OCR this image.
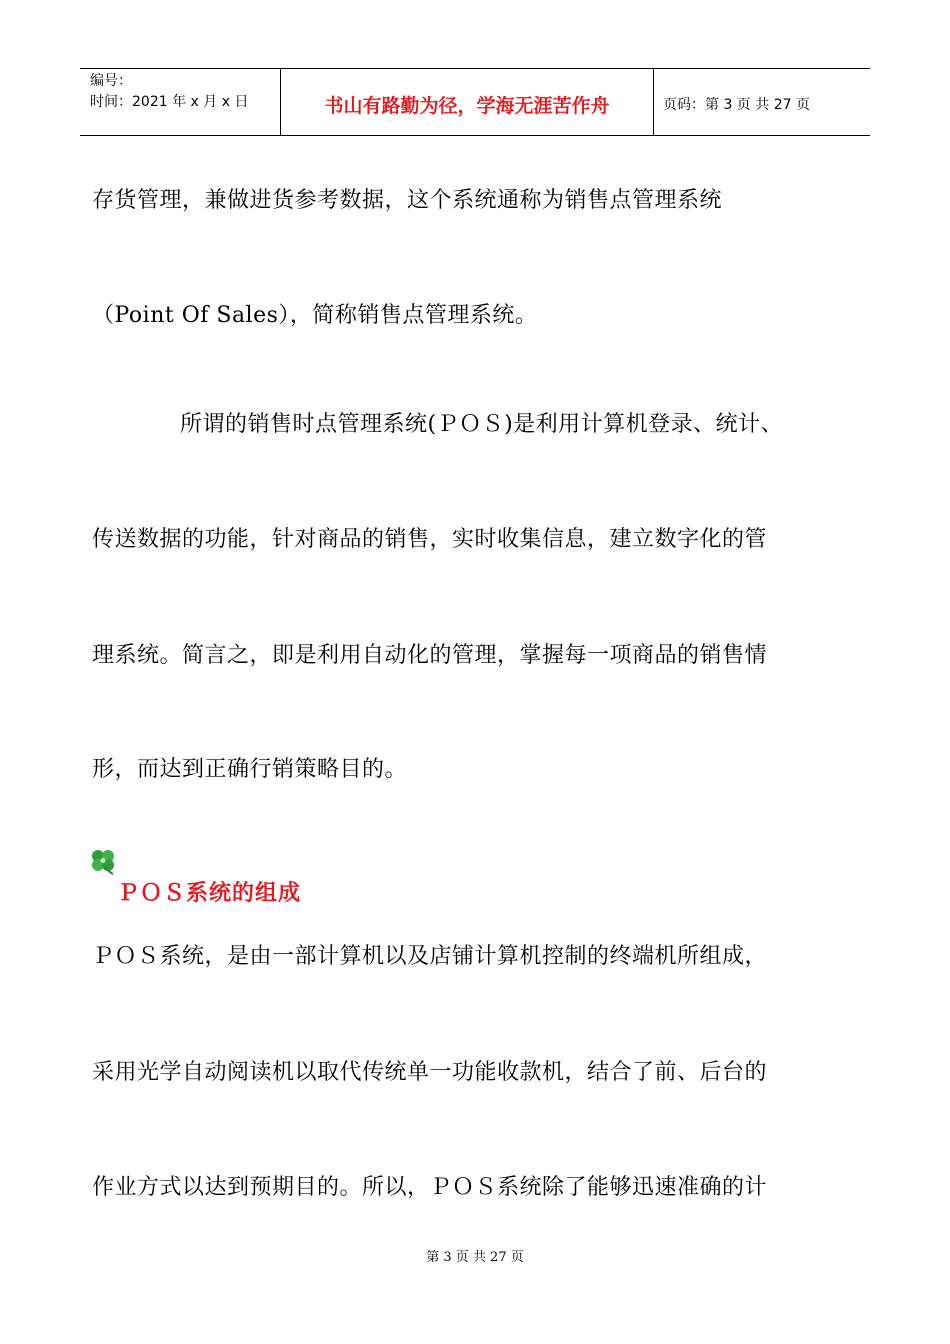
编号：
时间：2021 年 x 月 x 日	书山有路勤为径，学海无涯苦作舟	页码：第 3 页 共 27 页
存货管理，兼做进货参考数据，这个系统通称为销售点管理系统
（Point Of Sales），简称销售点管理系统。
所谓的销售时点管理系统(ＰＯＳ)是利用计算机登录、统计、
传送数据的功能，针对商品的销售，实时收集信息，建立数字化的管
理系统。简言之，即是利用自动化的管理，掌握每一项商品的销售情
形，而达到正确行销策略目的。
ＰＯＳ系统的组成
ＰＯＳ系统，是由一部计算机以及店铺计算机控制的终端机所组成，
采用光学自动阅读机以取代传统单一功能收款机，结合了前、后台的
作业方式以达到预期目的。所以，ＰＯＳ系统除了能够迅速准确的计
第 3 页 共 27 页
